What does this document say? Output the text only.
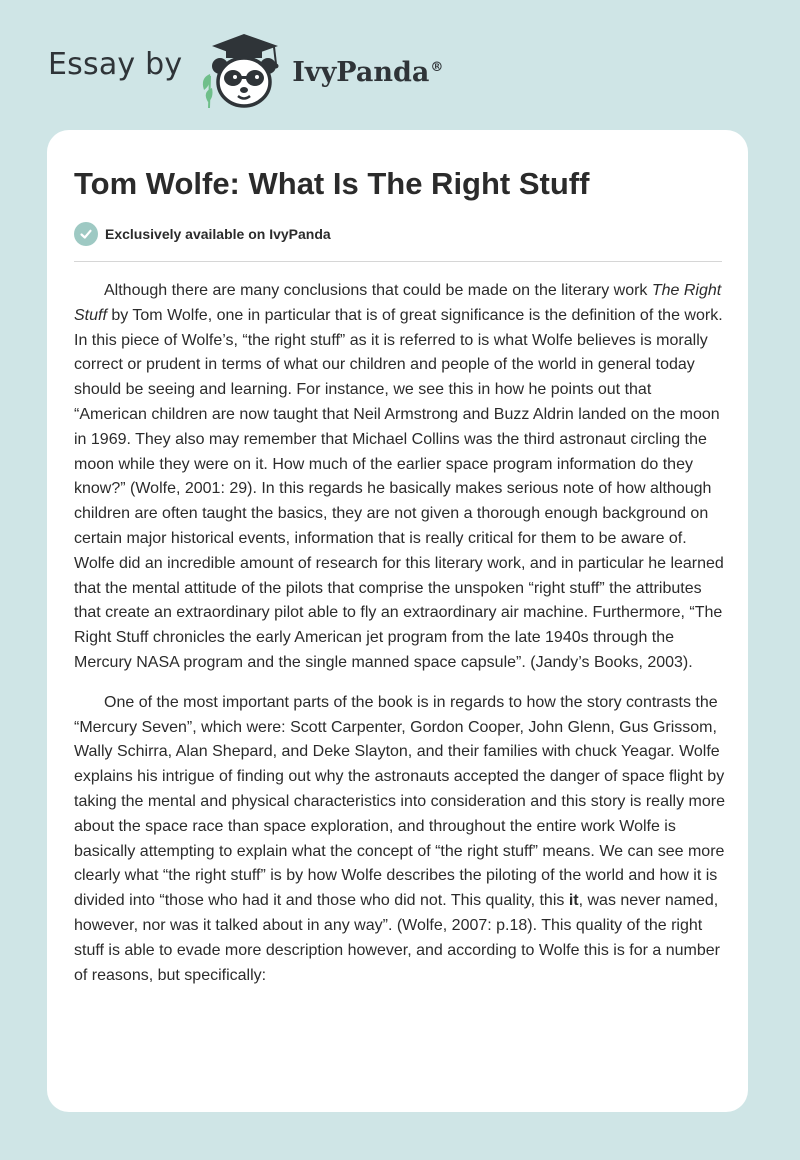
Essay by	IvyPanda®
Tom Wolfe: What Is The Right Stuff
Exclusively available on IvyPanda

Although there are many conclusions that could be made on the literary work The Right Stuff by Tom Wolfe, one in particular that is of great significance is the definition of the work. In this piece of Wolfe’s, “the right stuff” as it is referred to is what Wolfe believes is morally correct or prudent in terms of what our children and people of the world in general today should be seeing and learning. For instance, we see this in how he points out that “American children are now taught that Neil Armstrong and Buzz Aldrin landed on the moon in 1969. They also may remember that Michael Collins was the third astronaut circling the moon while they were on it. How much of the earlier space program information do they know?” (Wolfe, 2001: 29). In this regards he basically makes serious note of how although children are often taught the basics, they are not given a thorough enough background on certain major historical events, information that is really critical for them to be aware of. Wolfe did an incredible amount of research for this literary work, and in particular he learned that the mental attitude of the pilots that comprise the unspoken “right stuff” the attributes that create an extraordinary pilot able to fly an extraordinary air machine. Furthermore, “The Right Stuff chronicles the early American jet program from the late 1940s through the Mercury NASA program and the single manned space capsule”. (Jandy’s Books, 2003).

One of the most important parts of the book is in regards to how the story contrasts the “Mercury Seven”, which were: Scott Carpenter, Gordon Cooper, John Glenn, Gus Grissom, Wally Schirra, Alan Shepard, and Deke Slayton, and their families with chuck Yeagar. Wolfe explains his intrigue of finding out why the astronauts accepted the danger of space flight by taking the mental and physical characteristics into consideration and this story is really more about the space race than space exploration, and throughout the entire work Wolfe is basically attempting to explain what the concept of “the right stuff” means. We can see more clearly what “the right stuff” is by how Wolfe describes the piloting of the world and how it is divided into “those who had it and those who did not. This quality, this it, was never named, however, nor was it talked about in any way”. (Wolfe, 2007: p.18). This quality of the right stuff is able to evade more description however, and according to Wolfe this is for a number of reasons, but specifically:
